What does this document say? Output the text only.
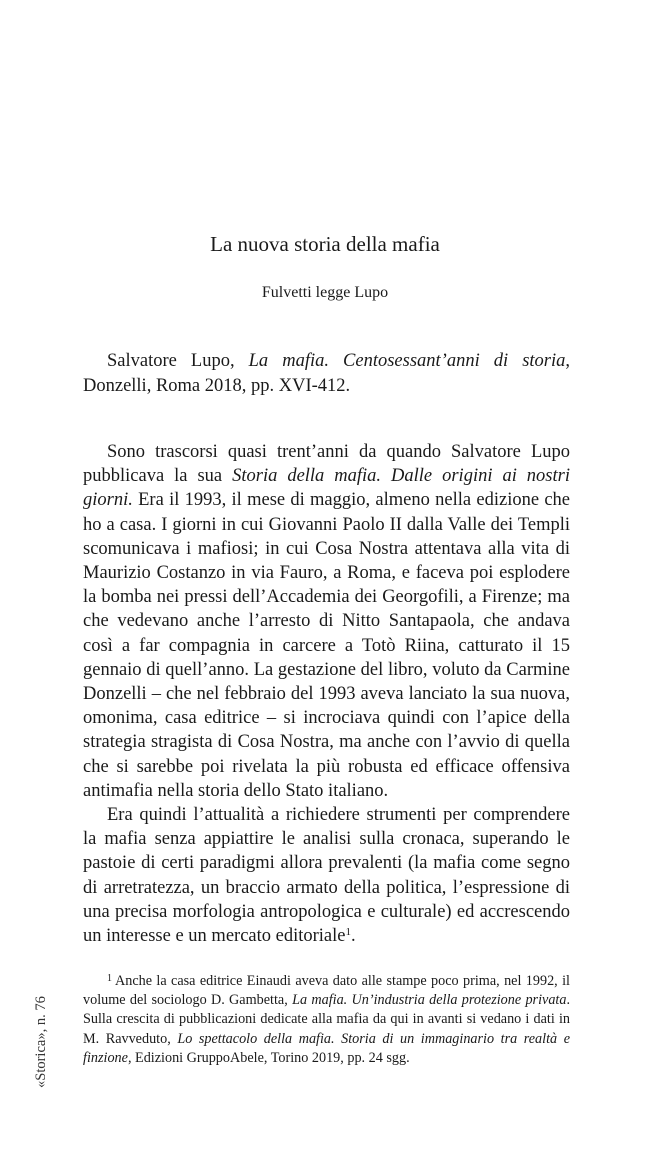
La nuova storia della mafia
Fulvetti legge Lupo
Salvatore Lupo, La mafia. Centosessant’anni di storia, Donzelli, Roma 2018, pp. XVI-412.

Sono trascorsi quasi trent’anni da quando Salvatore Lupo pubblicava la sua Storia della mafia. Dalle origini ai nostri giorni. Era il 1993, il mese di maggio, almeno nella edizione che ho a casa. I giorni in cui Giovanni Paolo II dalla Valle dei Templi scomunicava i mafiosi; in cui Cosa Nostra attentava alla vita di Maurizio Costanzo in via Fauro, a Roma, e faceva poi esplodere la bomba nei pressi dell’Accademia dei Georgofili, a Firenze; ma che vedevano anche l’arresto di Nitto Santapaola, che andava così a far compagnia in carcere a Totò Riina, catturato il 15 gennaio di quell’anno. La gestazione del libro, voluto da Carmine Donzelli – che nel febbraio del 1993 aveva lanciato la sua nuova, omonima, casa editrice – si incrociava quindi con l’apice della strategia stragista di Cosa Nostra, ma anche con l’avvio di quella che si sarebbe poi rivelata la più robusta ed efficace offensiva antimafia nella storia dello Stato italiano.

Era quindi l’attualità a richiedere strumenti per comprendere la mafia senza appiattire le analisi sulla cronaca, superando le pastoie di certi paradigmi allora prevalenti (la mafia come segno di arretratezza, un braccio armato della politica, l’espressione di una precisa morfologia antropologica e culturale) ed accrescendo un interesse e un mercato editoriale$^1$.

$^1$ Anche la casa editrice Einaudi aveva dato alle stampe poco prima, nel 1992, il volume del sociologo D. Gambetta, La mafia. Un’industria della protezione privata. Sulla crescita di pubblicazioni dedicate alla mafia da qui in avanti si vedano i dati in M. Ravveduto, Lo spettacolo della mafia. Storia di un immaginario tra realtà e finzione, Edizioni GruppoAbele, Torino 2019, pp. 24 sgg.
«Storica», n. 76
